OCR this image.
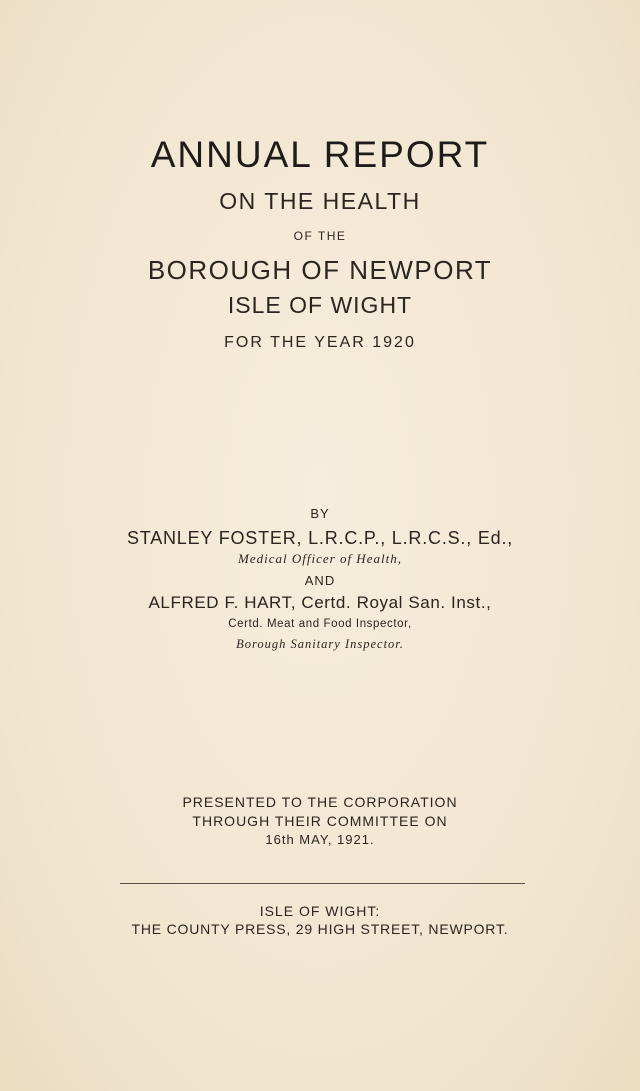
ANNUAL REPORT
ON THE HEALTH
OF THE
BOROUGH OF NEWPORT
ISLE OF WIGHT
FOR THE YEAR 1920
BY
STANLEY FOSTER, L.R.C.P., L.R.C.S., Ed.,
Medical Officer of Health,
AND
ALFRED F. HART, Certd. Royal San. Inst.,
Certd. Meat and Food Inspector,
Borough Sanitary Inspector.
PRESENTED TO THE CORPORATION
THROUGH THEIR COMMITTEE ON
16th MAY, 1921.
ISLE OF WIGHT:
THE COUNTY PRESS, 29 HIGH STREET, NEWPORT.
